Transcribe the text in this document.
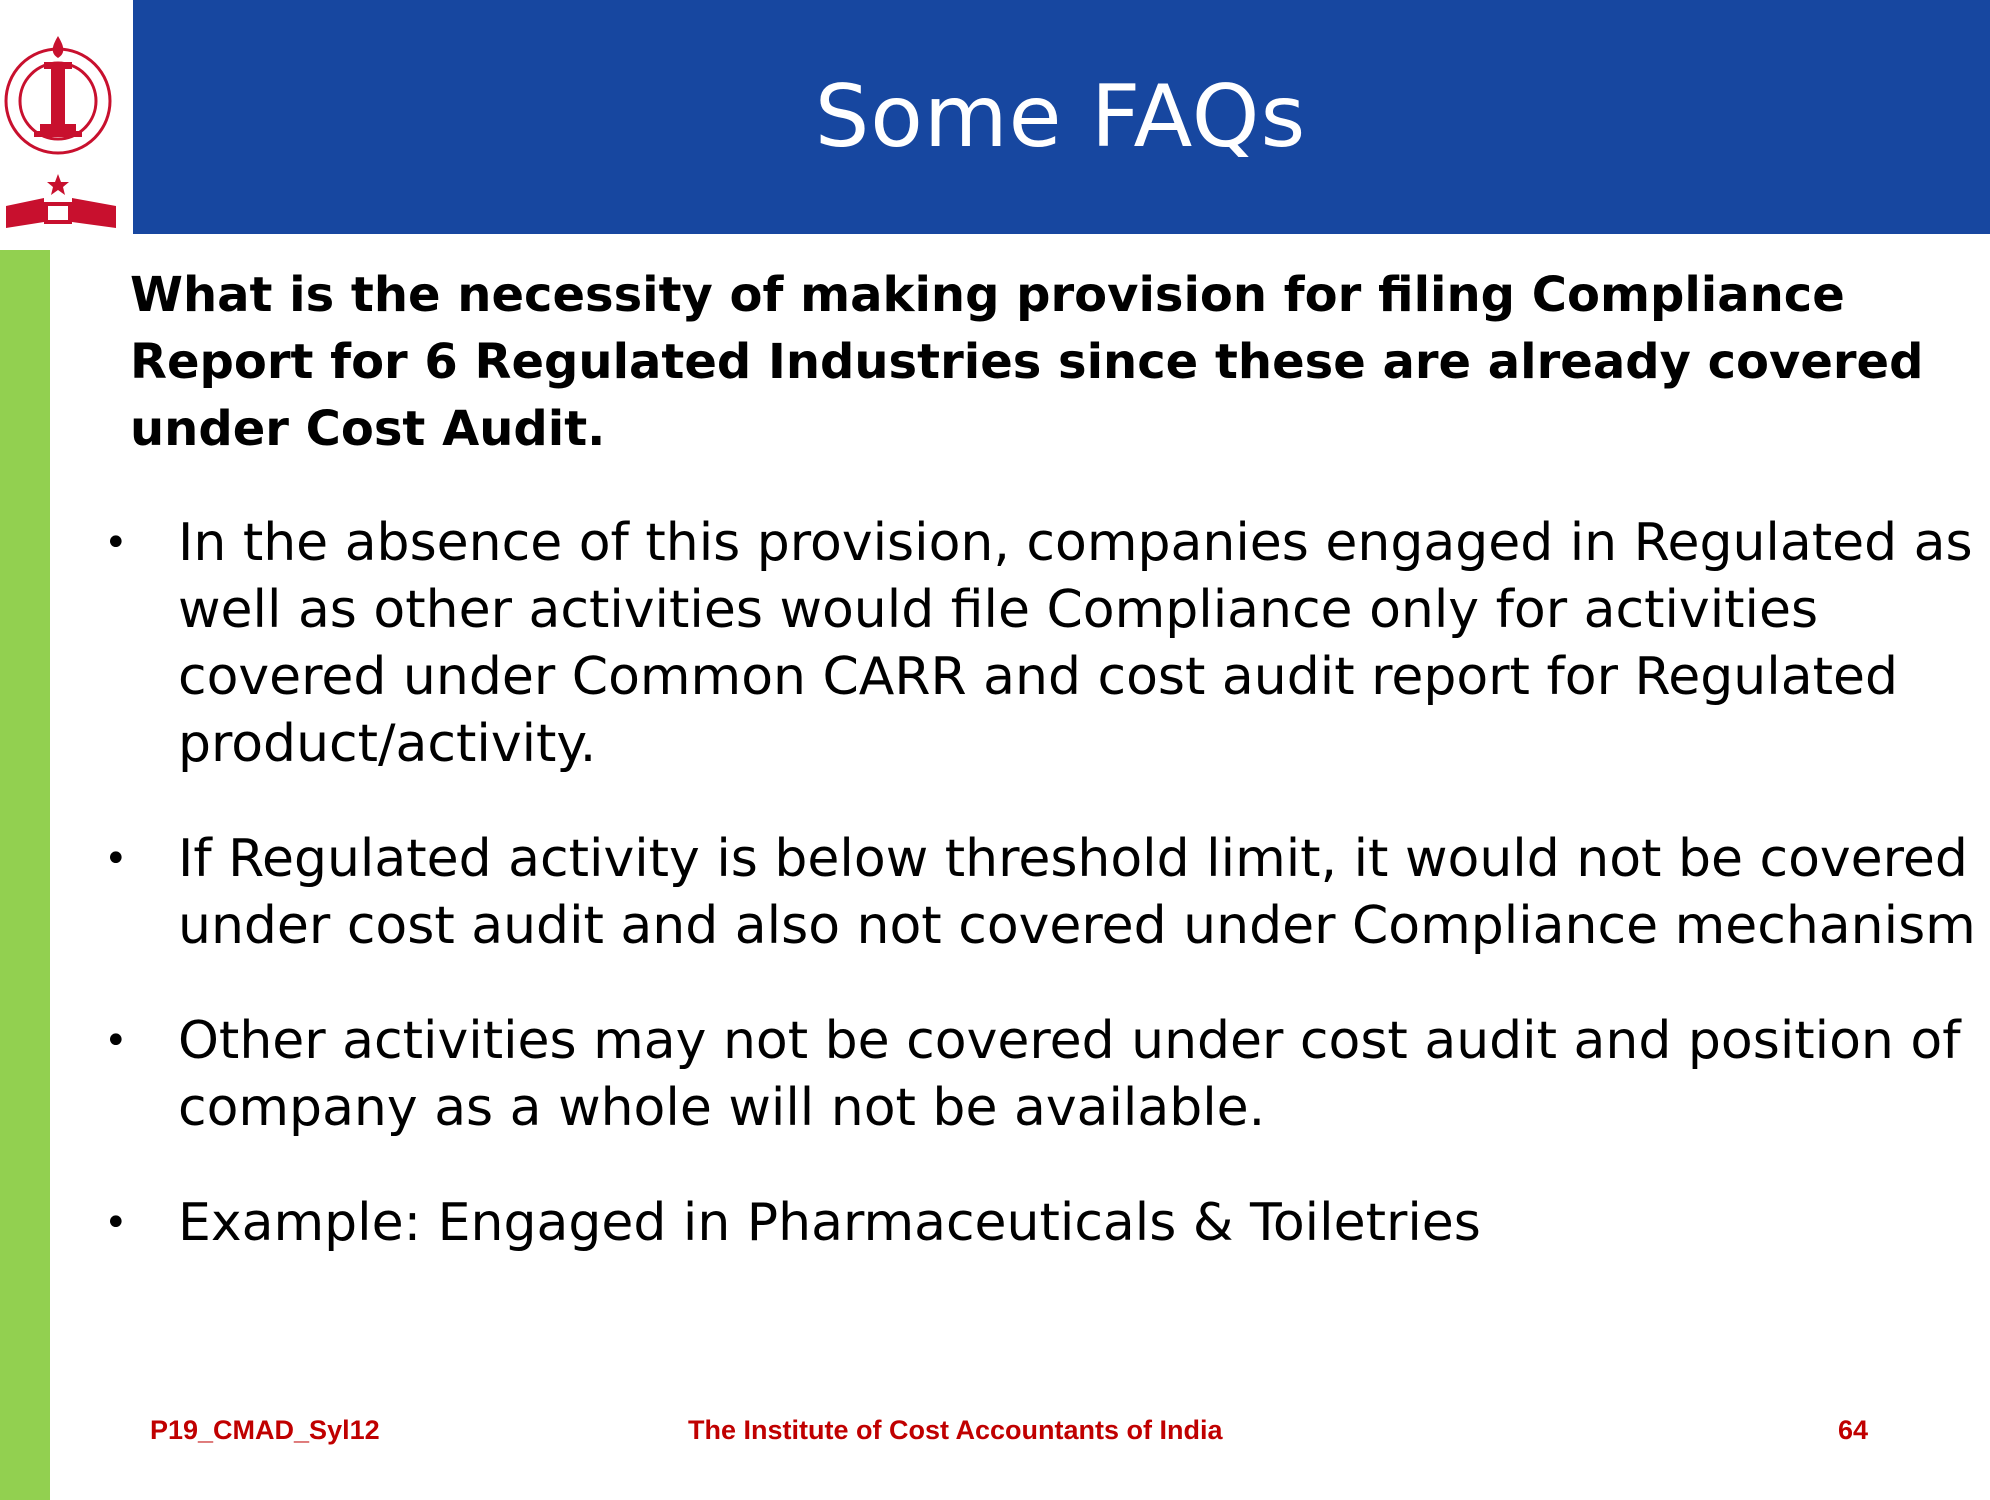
Some FAQs

What is the necessity of making provision for filing Compliance Report for 6 Regulated Industries since these are already covered under Cost Audit.

• In the absence of this provision, companies engaged in Regulated as well as other activities would file Compliance only for activities covered under Common CARR and cost audit report for Regulated product/activity.
• If Regulated activity is below threshold limit, it would not be covered under cost audit and also not covered under Compliance mechanism
• Other activities may not be covered under cost audit and position of company as a whole will not be available.
• Example: Engaged in Pharmaceuticals & Toiletries
P19_CMAD_Syl12	The Institute of Cost Accountants of India	64
